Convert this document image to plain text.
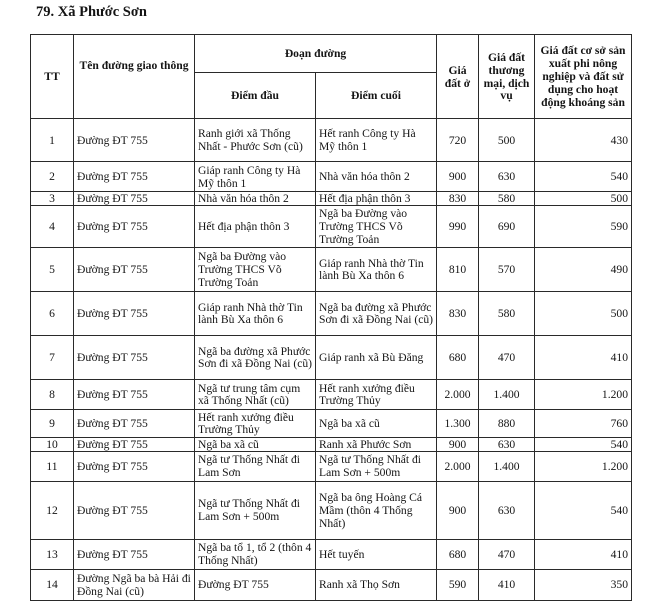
79. Xã Phước Sơn
TT	Tên đường giao thông	Đoạn đường		Giá đất ở	Giá đất thương mại, dịch vụ	Giá đất cơ sở sản xuất phi nông nghiệp và đất sử dụng cho hoạt động khoáng sản
		Điểm đầu	Điểm cuối			
1	Đường ĐT 755	Ranh giới xã Thống Nhất - Phước Sơn (cũ)	Hết ranh Công ty Hà Mỹ thôn 1	720	500	430
2	Đường ĐT 755	Giáp ranh Công ty Hà Mỹ thôn 1	Nhà văn hóa thôn 2	900	630	540
3	Đường ĐT 755	Nhà văn hóa thôn 2	Hết địa phận thôn 3	830	580	500
4	Đường ĐT 755	Hết địa phận thôn 3	Ngã ba Đường vào Trường THCS Võ Trường Toản	990	690	590
5	Đường ĐT 755	Ngã ba Đường vào Trường THCS Võ Trường Toản	Giáp ranh Nhà thờ Tin lành Bù Xa thôn 6	810	570	490
6	Đường ĐT 755	Giáp ranh Nhà thờ Tin lành Bù Xa thôn 6	Ngã ba đường xã Phước Sơn đi xã Đồng Nai (cũ)	830	580	500
7	Đường ĐT 755	Ngã ba đường xã Phước Sơn đi xã Đồng Nai (cũ)	Giáp ranh xã Bù Đăng	680	470	410
8	Đường ĐT 755	Ngã tư trung tâm cụm xã Thống Nhất (cũ)	Hết ranh xưởng điều Trường Thủy	2.000	1.400	1.200
9	Đường ĐT 755	Hết ranh xưởng điều Trường Thủy	Ngã ba xã cũ	1.300	880	760
10	Đường ĐT 755	Ngã ba xã cũ	Ranh xã Phước Sơn	900	630	540
11	Đường ĐT 755	Ngã tư Thống Nhất đi Lam Sơn	Ngã tư Thống Nhất đi Lam Sơn + 500m	2.000	1.400	1.200
12	Đường ĐT 755	Ngã tư Thống Nhất đi Lam Sơn + 500m	Ngã ba ông Hoàng Cá Mầm (thôn 4 Thống Nhất)	900	630	540
13	Đường ĐT 755	Ngã ba tổ 1, tổ 2 (thôn 4 Thống Nhất)	Hết tuyến	680	470	410
14	Đường Ngã ba bà Hải đi Đồng Nai (cũ)	Đường ĐT 755	Ranh xã Thọ Sơn	590	410	350
